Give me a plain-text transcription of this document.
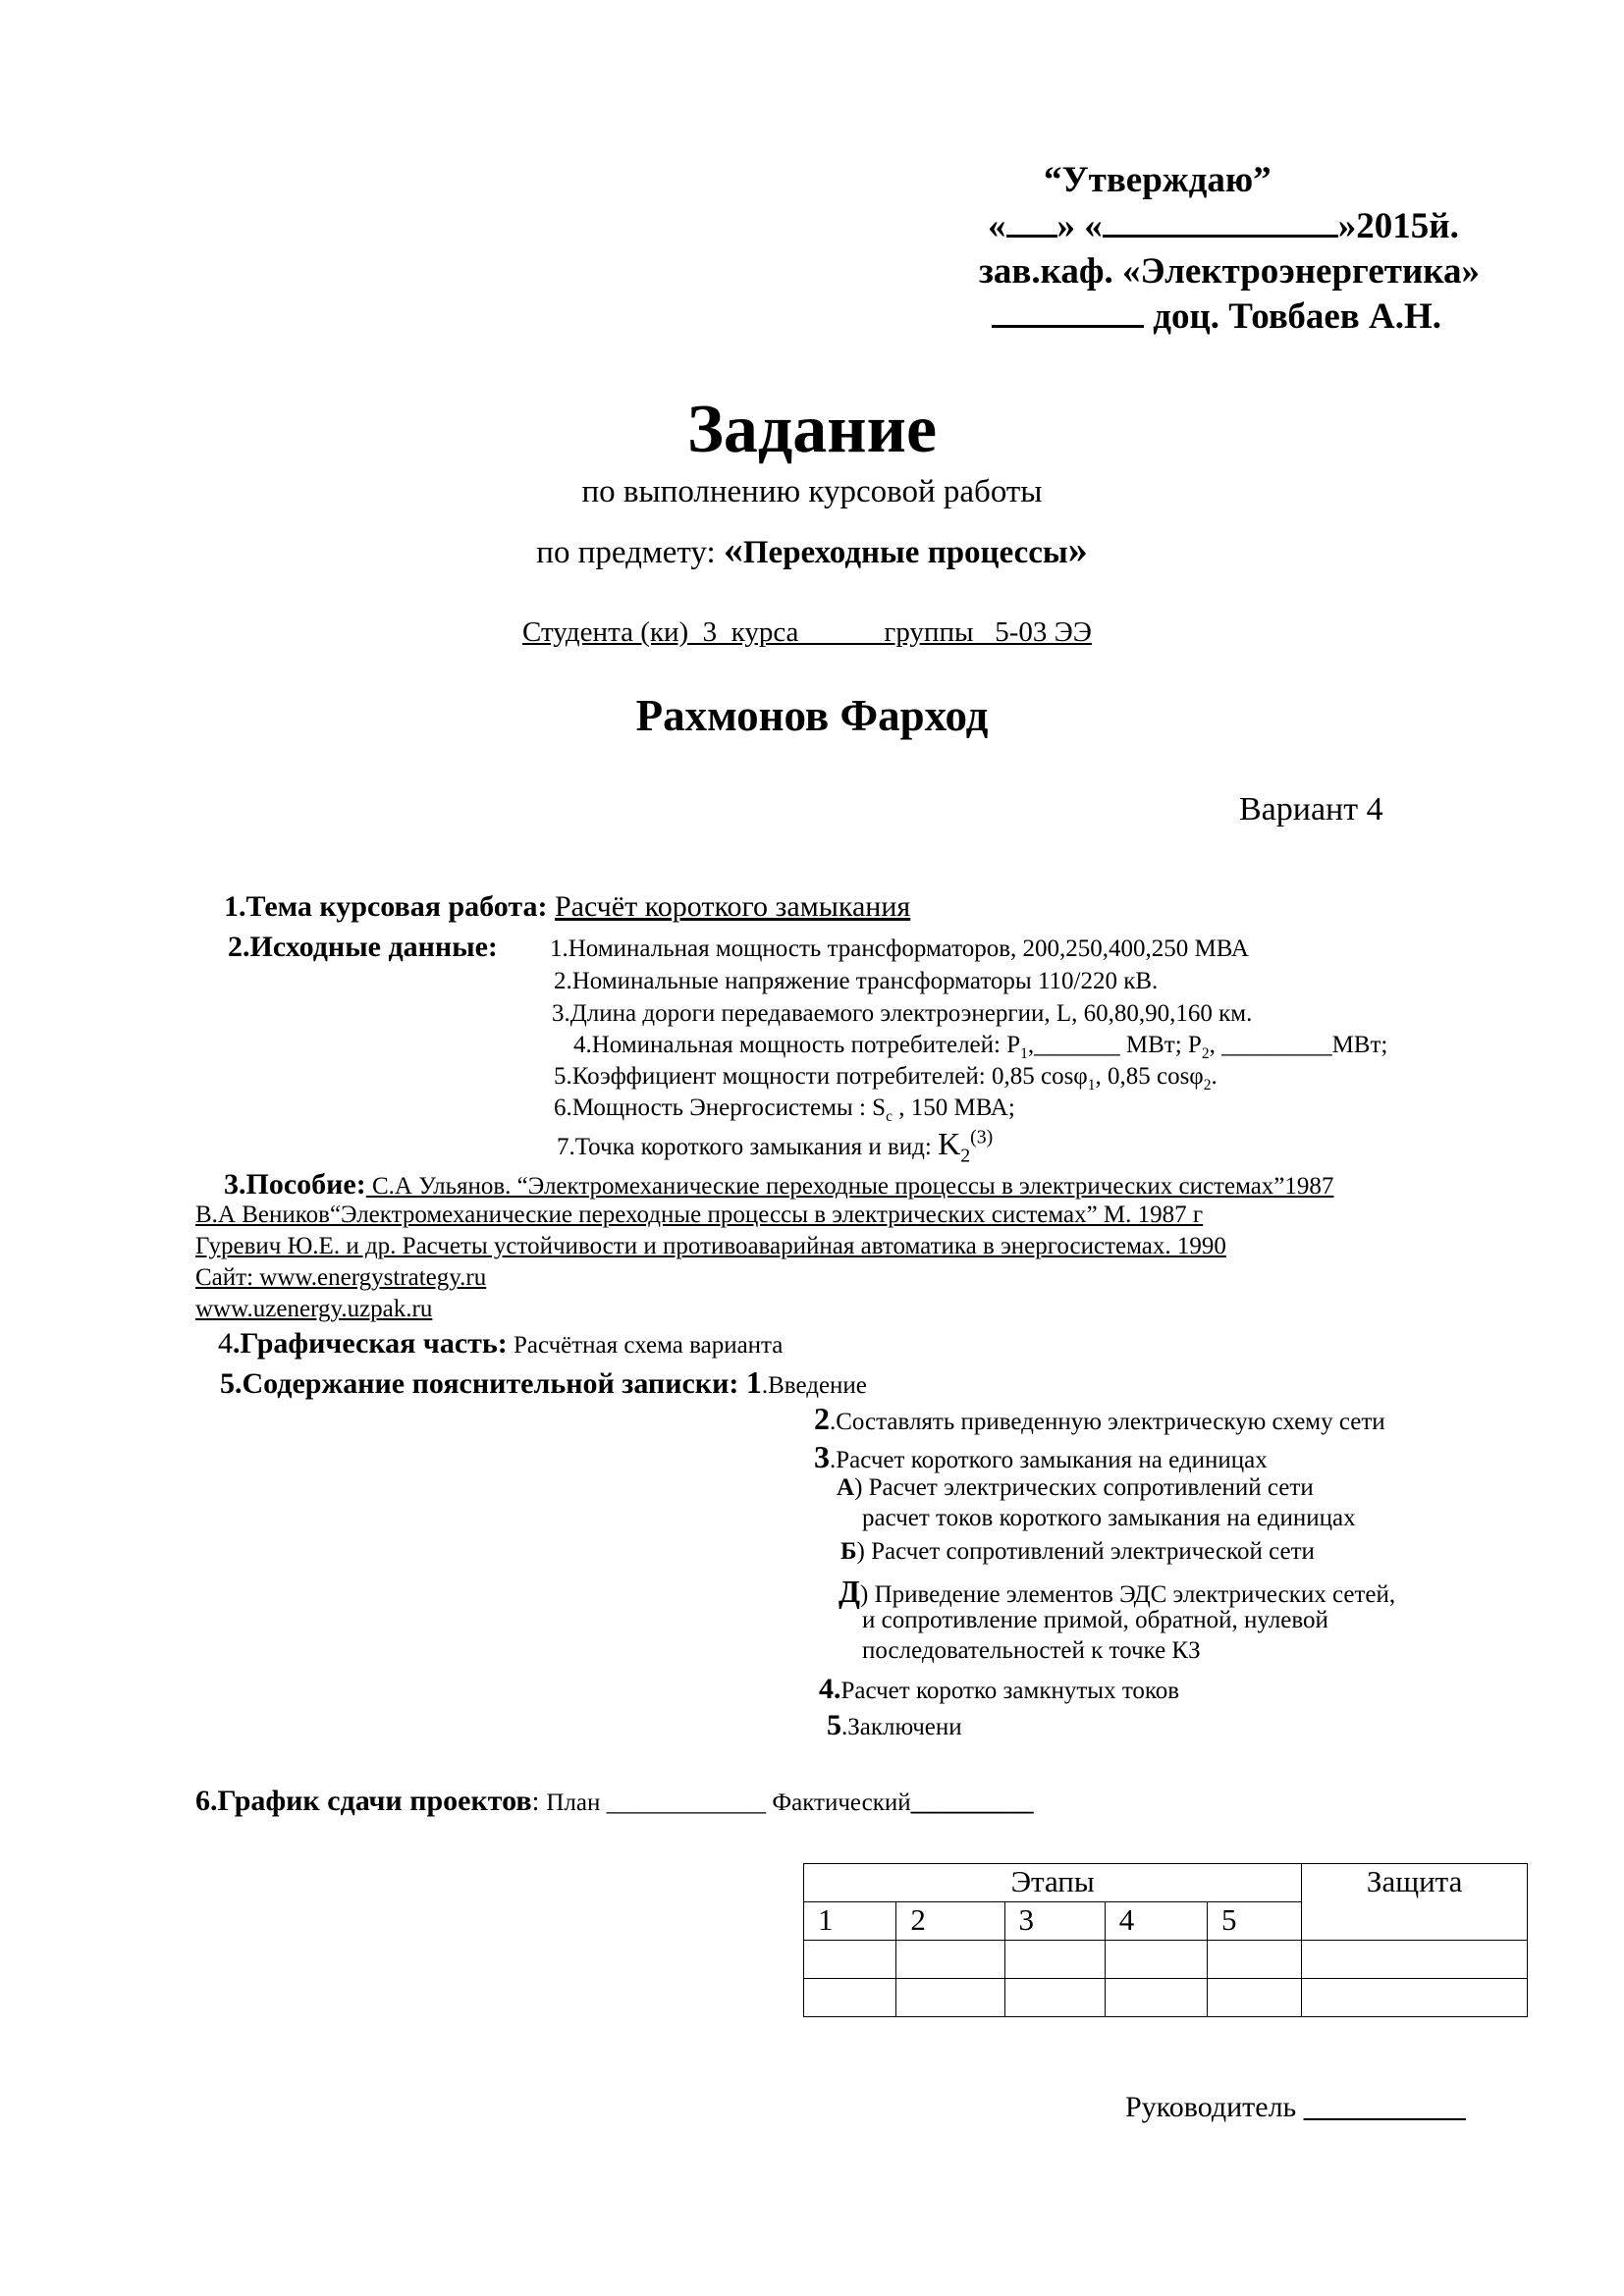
“Утверждаю”
« » «	»2015й.
зав.каф. «Электроэнергетика»
доц. Товбаев А.Н.
Задание
по выполнению курсовой работы
по предмету: «Переходные процессы»
Студента (ки)  3  курса            группы   5-03 ЭЭ
Рахмонов Фарход
Вариант 4
1.Тема курсовая работа: Расчёт короткого замыкания
2.Исходные данные: 1.Номинальная мощность трансформаторов, 200,250,400,250 МВА
2.Номинальные напряжение трансформаторы 110/220 кВ.
3.Длина дороги передаваемого электроэнергии, L, 60,80,90,160 км.
4.Номинальная мощность потребителей: $P_1,\_\_\_\_\_\_\_$ МВт; $P_2$, _________МВт;
5.Коэффициент мощности потребителей: 0,85 cosφ$_1$, 0,85 cosφ$_2$.
6.Мощность Энергосистемы : $S_c$ , 150 МВА;
7.Точка короткого замыкания и вид: $K_2^{(3)}$
3.Пособие: С.А Ульянов. “Электромеханические переходные процессы в электрических системах”1987
В.А Веников“Электромеханические переходные процессы в электрических системах” М. 1987 г
Гуревич Ю.Е. и др. Расчеты устойчивости и противоаварийная автоматика в энергосистемах. 1990
Сайт: www.energystrategy.ru
www.uzenergy.uzpak.ru
4.Графическая часть: Расчётная схема варианта
5.Содержание пояснительной записки: 1.Введение
2.Составлять приведенную электрическую схему сети
3.Расчет короткого замыкания на единицах
А) Расчет электрических сопротивлений сети
расчет токов короткого замыкания на единицах
Б) Расчет сопротивлений электрической сети
Д) Приведение элементов ЭДС электрических сетей,
и сопротивление примой, обратной, нулевой
последовательностей к точке КЗ
4.Расчет коротко замкнутых токов
5.Заключени
6.График сдачи проектов: План _____________ Фактический__________
Этапы					Защита
1	2	3	4	5	

Руководитель ___________
